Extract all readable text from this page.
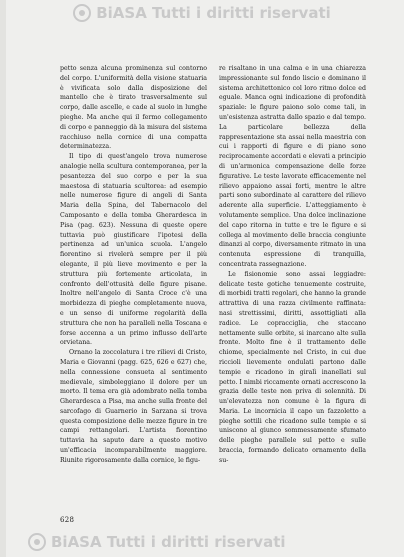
BiASA Tutti i diritti riservati

petto senza alcuna prominenza sul contorno del corpo. L'uniformità della visione statuaria è vivificata solo dalla disposizione del mantello che è tirato trasversalmente sul corpo, dalle ascelle, e cade al suolo in lunghe pieghe. Ma anche qui il fermo collegamento di corpo e panneggio dà la misura del sistema racchiuso nella cornice di una compatta determinatezza.

Il tipo di quest'angelo trova numerose analogie nella scultura contemporanea, per la pesantezza del suo corpo e per la sua maestosa di statuaria scultorea: ad esempio nelle numerose figure di angeli di Santa Maria della Spina, del Tabernacolo del Camposanto e della tomba Gherardesca in Pisa (pag. 623). Nessuna di queste opere tuttavia può giustificare l'ipotesi della pertinenza ad un'unica scuola. L'angelo fiorentino si rivelerà sempre per il più elegante, il più lieve movimento e per la struttura più fortemente articolata, in confronto dell'ottusità delle figure pisane. Inoltre nell'angelo di Santa Croce c'è una morbidezza di pieghe completamente nuova, e un senso di uniforme regolarità della struttura che non ha paralleli nella Toscana e forse accenna a un primo influsso dell'arte orvietana.

Ornano la zoccolatura i tre rilievi di Cristo, Maria e Giovanni (pagg. 625, 626 e 627) che, nella connessione consueta al sentimento medievale, simboleggiano il dolore per un morto. Il tema era già adombrato nella tomba Gherardesca a Pisa, ma anche sulla fronte del sarcofago di Guarnerio in Sarzana si trova questa composizione delle mezze figure in tre campi rettangolari. L'artista fiorentino tuttavia ha saputo dare a questo motivo un'efficacia incomparabilmente maggiore. Riunite rigorosamente dalla cornice, le figu-

re risaltano in una calma e in una chiarezza impressionante sul fondo liscio e dominano il sistema architettonico col loro ritmo dolce ed eguale. Manca ogni indicazione di profondità spaziale: le figure paiono solo come tali, in un'esistenza astratta dallo spazio e dal tempo. La particolare bellezza della rappresentazione sta assai nella maestria con cui i rapporti di figure e di piano sono reciprocamente accordati e elevati a principio di un'armonica compensazione delle forze figurative. Le teste lavorate efficacemente nel rilievo appaiono assai forti, mentre le altre parti sono subordinate al carattere del rilievo aderente alla superficie. L'atteggiamento è volutamente semplice. Una dolce inclinazione del capo ritorna in tutte e tre le figure e si collega al movimento delle braccia congiunte dinanzi al corpo, diversamente ritmato in una contenuta espressione di tranquilla, concentrata rassegnazione.

Le fisionomie sono assai leggiadre: delicate teste gotiche tenuemente costruite, di morbidi tratti regolari, che hanno la grande attrattiva di una razza civilmente raffinata: nasi strettissimi, diritti, assottigliati alla radice. Le copracciglia, che staccano nettamente sulle orbite, si inarcano alte sulla fronte. Molto fine è il trattamento delle chiome, specialmente nel Cristo, in cui due riccioli lievemente ondulati partono dalle tempie e ricadono in giralì inanellati sul petto. I nimbi riccamente ornati accrescono la grazia delle teste non priva di solennità. Di un'elevatezza non comune è la figura di Maria. Le incornicia il capo un fazzoletto a pieghe sottili che ricadono sulle tempie e si uniscono al giunco sommessamente sfumato delle pieghe parallele sul petto e sulle braccia, formando delicato ornamento della su-

628
BiASA Tutti i diritti riservati
